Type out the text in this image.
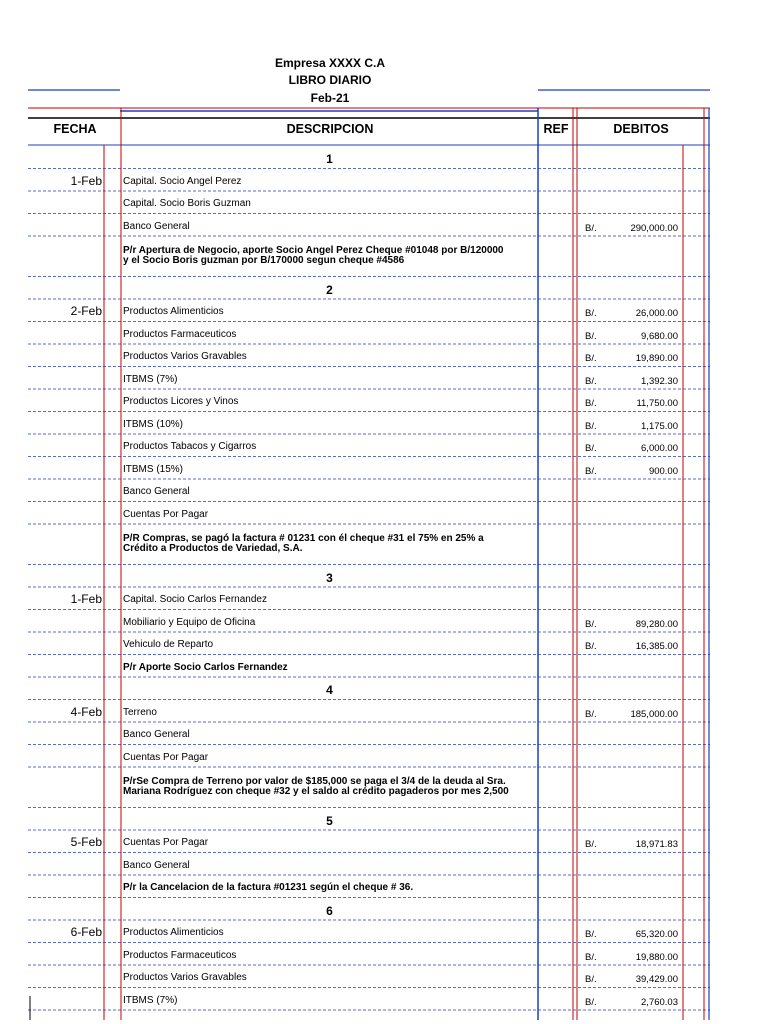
Empresa XXXX C.A
LIBRO DIARIO
Feb-21
FECHA	DESCRIPCION	REF	DEBITOS
1
1-Feb Capital. Socio Angel Perez
Capital. Socio Boris Guzman
Banco General	B/.	290,000.00
P/r Apertura de Negocio, aporte Socio Angel Perez Cheque #01048 por B/120000
y el Socio Boris guzman por B/170000 segun cheque #4586
2
2-Feb Productos Alimenticios	B/.	26,000.00
Productos Farmaceuticos	B/.	9,680.00
Productos Varios Gravables	B/.	19,890.00
ITBMS (7%)	B/.	1,392.30
Productos Licores y Vinos	B/.	11,750.00
ITBMS (10%)	B/.	1,175.00
Productos Tabacos y Cigarros	B/.	6,000.00
ITBMS (15%)	B/.	900.00
Banco General
Cuentas Por Pagar
P/R Compras, se pagó la factura # 01231 con él cheque #31 el 75% en 25% a
Crédito a Productos de Variedad, S.A.
3
1-Feb Capital. Socio Carlos Fernandez
Mobiliario y Equipo de Oficina	B/.	89,280.00
Vehiculo de Reparto	B/.	16,385.00
P/r Aporte Socio Carlos Fernandez
4
4-Feb Terreno	B/.	185,000.00
Banco General
Cuentas Por Pagar
P/rSe Compra de Terreno por valor de $185,000 se paga el 3/4 de la deuda al Sra.
Mariana Rodríguez con cheque #32 y el saldo al crédito pagaderos por mes 2,500
5
5-Feb Cuentas Por Pagar	B/.	18,971.83
Banco General
P/r la Cancelacion de la factura #01231 según el cheque # 36.
6
6-Feb Productos Alimenticios	B/.	65,320.00
Productos Farmaceuticos	B/.	19,880.00
Productos Varios Gravables	B/.	39,429.00
ITBMS (7%)	B/.	2,760.03
